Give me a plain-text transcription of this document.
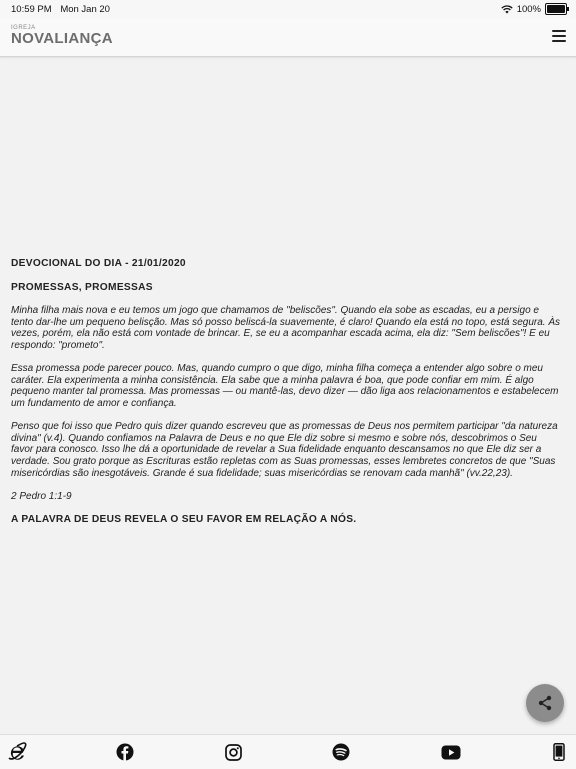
10:59 PM Mon Jan 20	100%
IGREJA
NOVALIANÇA
DEVOCIONAL DO DIA - 21/01/2020
PROMESSAS, PROMESSAS

Minha filha mais nova e eu temos um jogo que chamamos de "beliscões". Quando ela sobe as escadas, eu a persigo e tento dar-lhe um pequeno belisção. Mas só posso beliscá-la suavemente, é claro! Quando ela está no topo, está segura. Às vezes, porém, ela não está com vontade de brincar. E, se eu a acompanhar escada acima, ela diz: "Sem beliscões"! E eu respondo: "prometo".

Essa promessa pode parecer pouco. Mas, quando cumpro o que digo, minha filha começa a entender algo sobre o meu caráter. Ela experimenta a minha consistência. Ela sabe que a minha palavra é boa, que pode confiar em mim. É algo pequeno manter tal promessa. Mas promessas — ou mantê-las, devo dizer — dão liga aos relacionamentos e estabelecem um fundamento de amor e confiança.

Penso que foi isso que Pedro quis dizer quando escreveu que as promessas de Deus nos permitem participar "da natureza divina" (v.4). Quando confiamos na Palavra de Deus e no que Ele diz sobre si mesmo e sobre nós, descobrimos o Seu favor para conosco. Isso lhe dá a oportunidade de revelar a Sua fidelidade enquanto descansamos no que Ele diz ser a verdade. Sou grato porque as Escrituras estão repletas com as Suas promessas, esses lembretes concretos de que "Suas misericórdias são inesgotáveis. Grande é sua fidelidade; suas misericórdias se renovam cada manhã" (vv.22,23).

2 Pedro 1:1-9

A PALAVRA DE DEUS REVELA O SEU FAVOR EM RELAÇÃO A NÓS.
